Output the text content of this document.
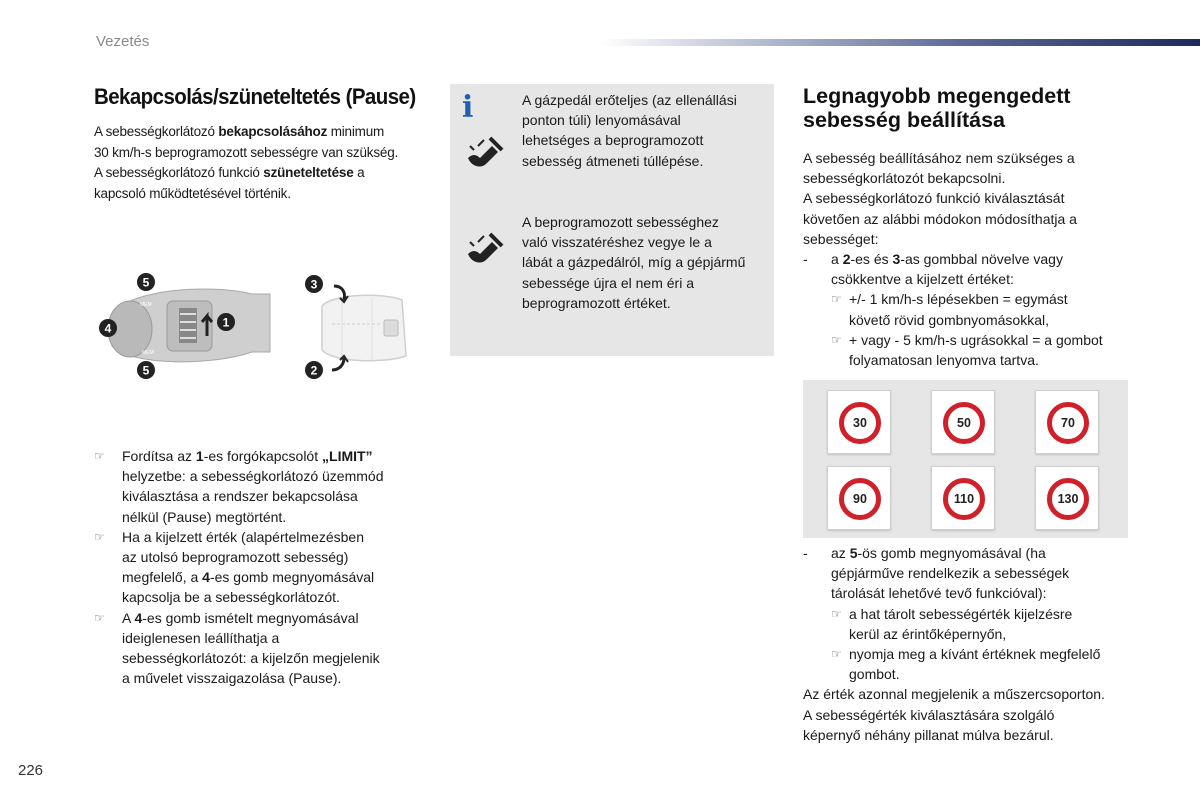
Vezetés
Bekapcsolás/szüneteltetés (Pause)

A sebességkorlátozó bekapcsolásához minimum

30 km/h-s beprogramozott sebességre van szükség.

A sebességkorlátozó funkció szüneteltetése a

kapcsoló működtetésével történik.

MEM
MEM
5
4
5
1
3
2
☞ Fordítsa az 1-es forgókapcsolót „LIMIT”
helyzetbe: a sebességkorlátozó üzemmód
kiválasztása a rendszer bekapcsolása
nélkül (Pause) megtörtént.
☞ Ha a kijelzett érték (alapértelmezésben
az utolsó beprogramozott sebesség)
megfelelő, a 4-es gomb megnyomásával
kapcsolja be a sebességkorlátozót.
☞ A 4-es gomb ismételt megnyomásával
ideiglenesen leállíthatja a
sebességkorlátozót: a kijelzőn megjelenik
a művelet visszaigazolása (Pause).
i	A gázpedál erőteljes (az ellenállási
ponton túli) lenyomásával
lehetséges a beprogramozott
sebesség átmeneti túllépése.
A beprogramozott sebességhez
való visszatéréshez vegye le a
lábát a gázpedálról, míg a gépjármű
sebessége újra el nem éri a
beprogramozott értéket.
Legnagyobb megengedett
sebesség beállítása

A sebesség beállításához nem szükséges a

sebességkorlátozót bekapcsolni.

A sebességkorlátozó funkció kiválasztását

követően az alábbi módokon módosíthatja a

sebességet:

- a 2-es és 3-as gombbal növelve vagy
csökkentve a kijelzett értéket:
☞ +/- 1 km/h-s lépésekben = egymást
követő rövid gombnyomásokkal,
☞ + vagy - 5 km/h-s ugrásokkal = a gombot
folyamatosan lenyomva tartva.
30	50	70
90	110	130
- az 5-ös gomb megnyomásával (ha
gépjárművе rendelkezik a sebességek
tárolását lehetővé tevő funkcióval):
☞ a hat tárolt sebességérték kijelzésre
kerül az érintőképernyőn,
☞ nyomja meg a kívánt értéknek megfelelő
gombot.

Az érték azonnal megjelenik a műszercsoporton.

A sebességérték kiválasztására szolgáló

képernyő néhány pillanat múlva bezárul.

226
